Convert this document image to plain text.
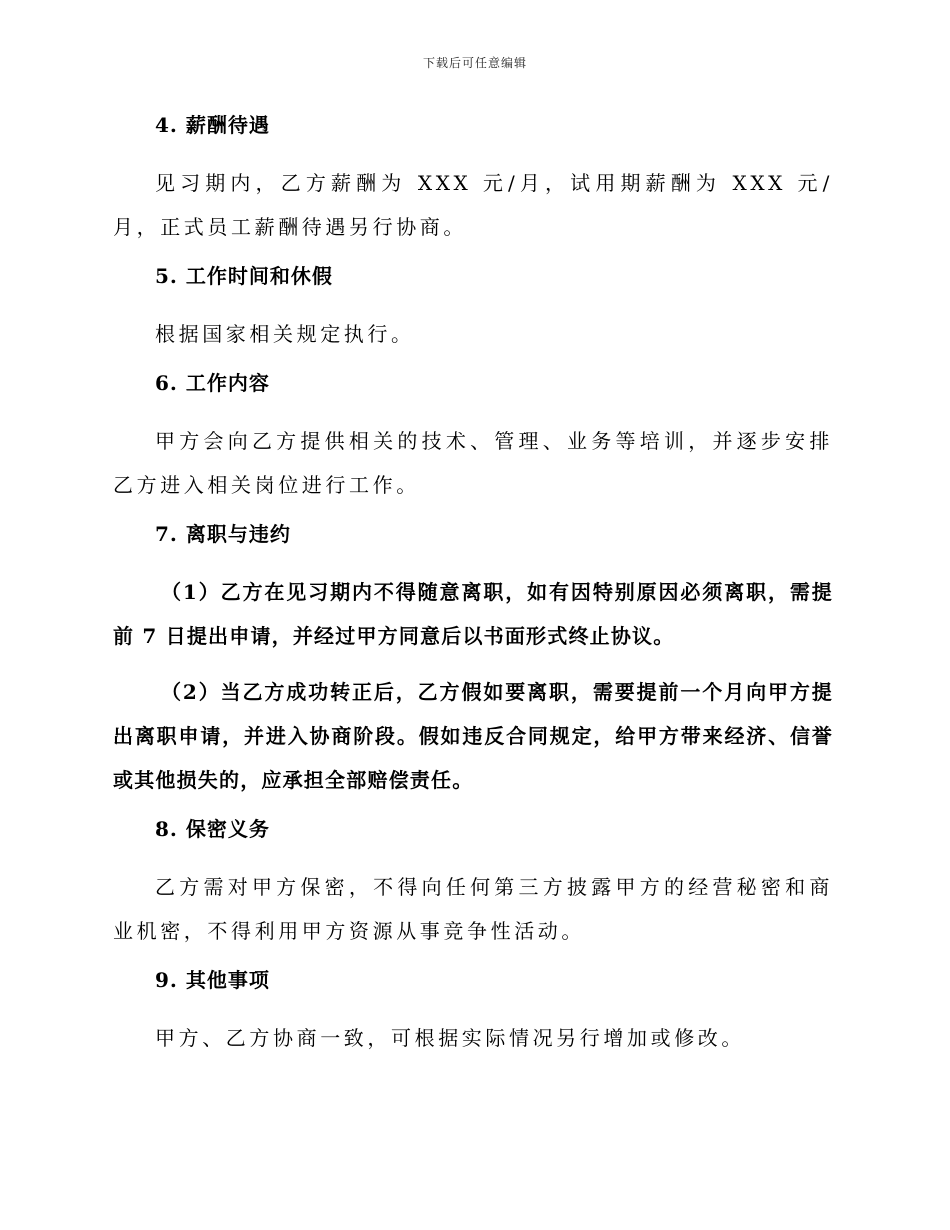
下载后可任意编辑
4. 薪酬待遇
见习期内，乙方薪酬为 XXX 元/月，试用期薪酬为 XXX 元/月，正式员工薪酬待遇另行协商。
5. 工作时间和休假
根据国家相关规定执行。
6. 工作内容
甲方会向乙方提供相关的技术、管理、业务等培训，并逐步安排乙方进入相关岗位进行工作。
7. 离职与违约
（1）乙方在见习期内不得随意离职，如有因特别原因必须离职，需提前 7 日提出申请，并经过甲方同意后以书面形式终止协议。
（2）当乙方成功转正后，乙方假如要离职，需要提前一个月向甲方提出离职申请，并进入协商阶段。假如违反合同规定，给甲方带来经济、信誉或其他损失的，应承担全部赔偿责任。
8. 保密义务
乙方需对甲方保密，不得向任何第三方披露甲方的经营秘密和商业机密，不得利用甲方资源从事竞争性活动。
9. 其他事项
甲方、乙方协商一致，可根据实际情况另行增加或修改。
